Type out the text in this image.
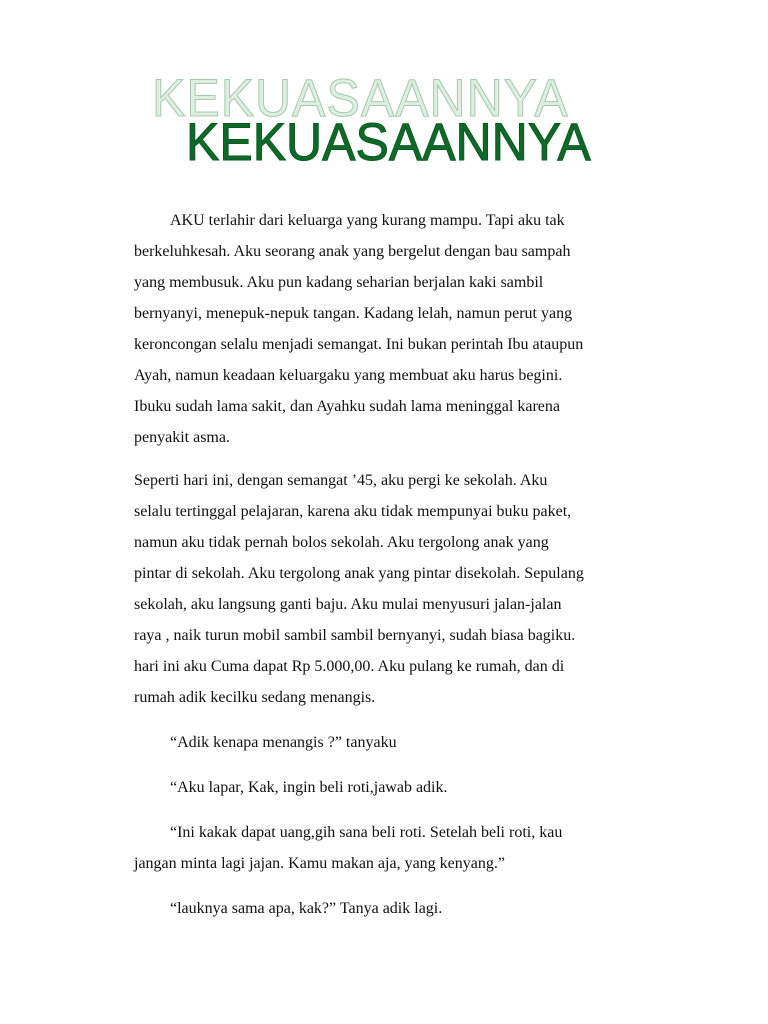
KEKUASAANNYA
KEKUASAANNYA

AKU terlahir dari keluarga yang kurang mampu. Tapi aku tak
berkeluhkesah. Aku seorang anak yang bergelut dengan bau sampah
yang membusuk. Aku pun kadang seharian berjalan kaki sambil
bernyanyi, menepuk-nepuk tangan. Kadang lelah, namun perut yang
keroncongan selalu menjadi semangat. Ini bukan perintah Ibu ataupun
Ayah, namun keadaan keluargaku yang membuat aku harus begini.
Ibuku sudah lama sakit, dan Ayahku sudah lama meninggal karena
penyakit asma.

Seperti hari ini, dengan semangat ’45, aku pergi ke sekolah. Aku
selalu tertinggal pelajaran, karena aku tidak mempunyai buku paket,
namun aku tidak pernah bolos sekolah. Aku tergolong anak yang
pintar di sekolah. Aku tergolong anak yang pintar disekolah. Sepulang
sekolah, aku langsung ganti baju. Aku mulai menyusuri jalan-jalan
raya , naik turun mobil sambil sambil bernyanyi, sudah biasa bagiku.
hari ini aku Cuma dapat Rp 5.000,00. Aku pulang ke rumah, dan di
rumah adik kecilku sedang menangis.

“Adik kenapa menangis ?” tanyaku

“Aku lapar, Kak, ingin beli roti,jawab adik.

“Ini kakak dapat uang,gih sana beli roti. Setelah beli roti, kau
jangan minta lagi jajan. Kamu makan aja, yang kenyang.”

“lauknya sama apa, kak?” Tanya adik lagi.
